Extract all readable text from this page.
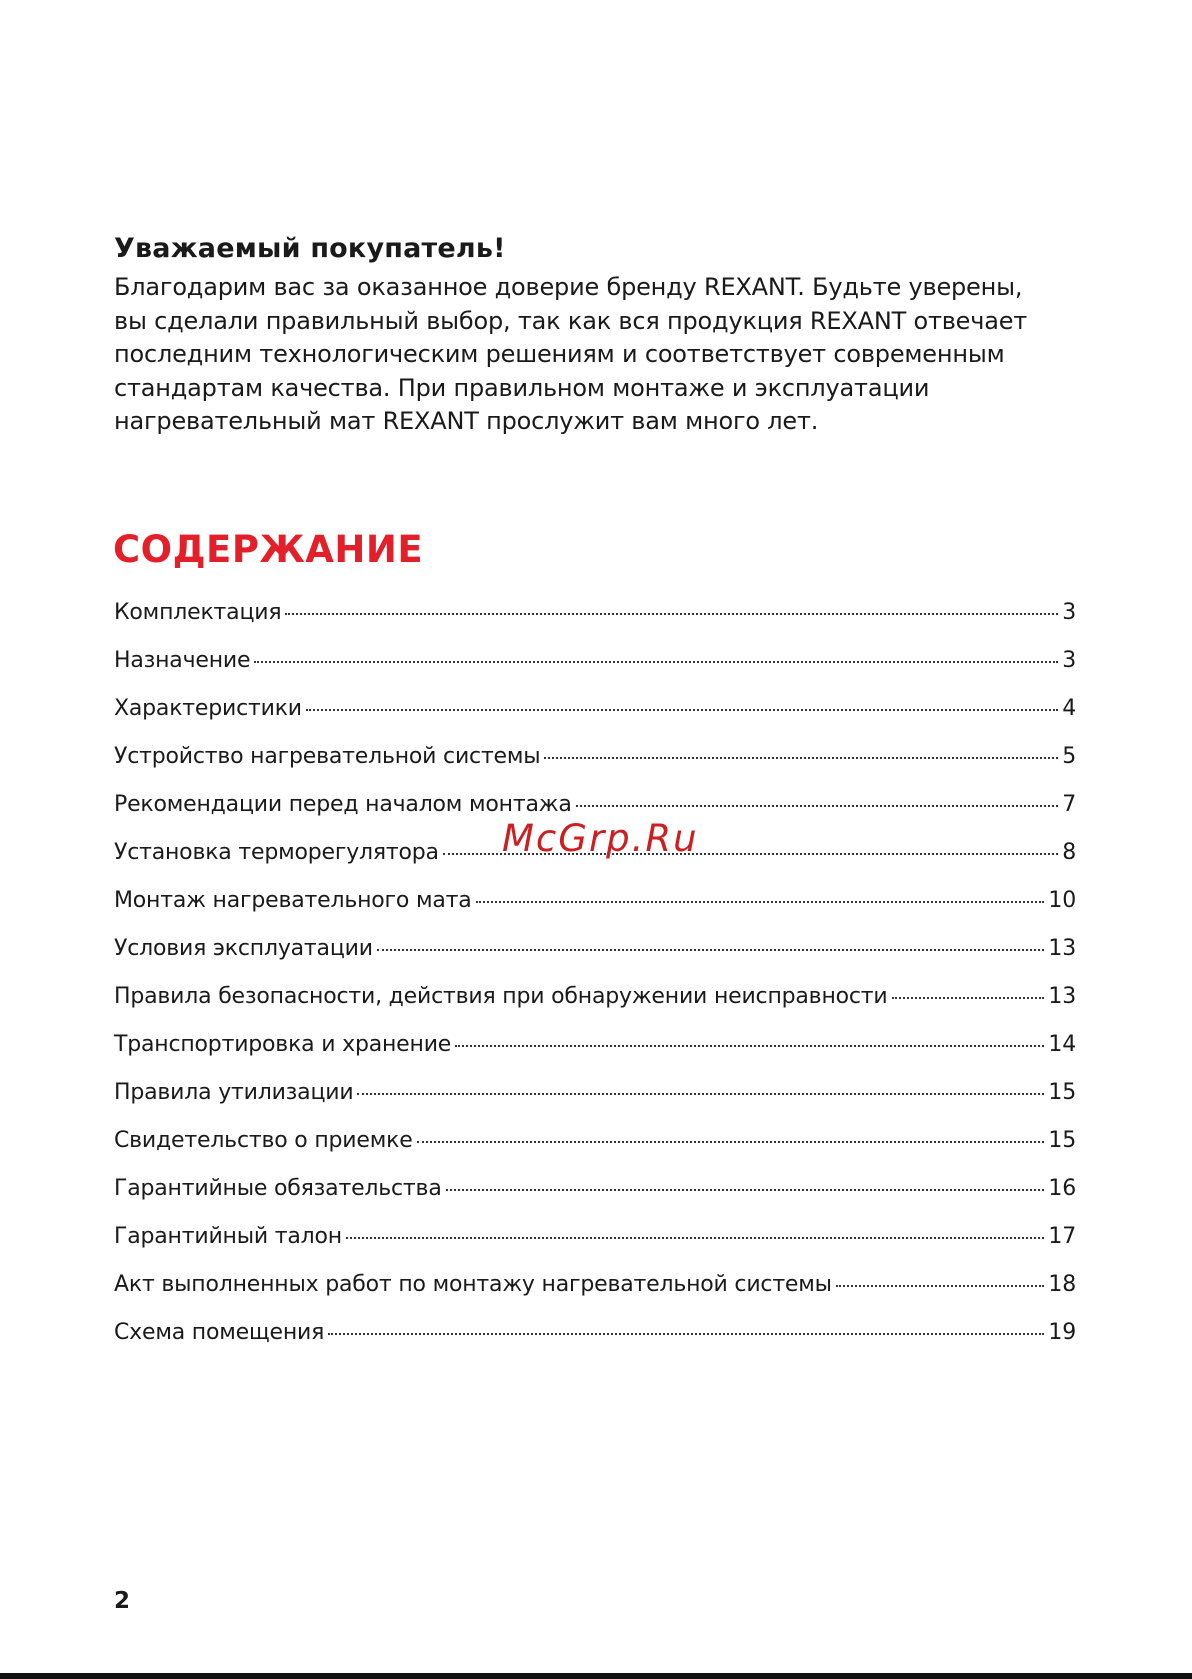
Уважаемый покупатель!

Благодарим вас за оказанное доверие бренду REXANT. Будьте уверены,
вы сделали правильный выбор, так как вся продукция REXANT отвечает
последним технологическим решениям и соответствует современным
стандартам качества. При правильном монтаже и эксплуатации
нагревательный мат REXANT прослужит вам много лет.

СОДЕРЖАНИЕ
Комплектация	3
Назначение	3
Характеристики	4
Устройство нагревательной системы	5
Рекомендации перед началом монтажа	7
Установка терморегулятора	8
Монтаж нагревательного мата	10
Условия эксплуатации	13
Правила безопасности, действия при обнаружении неисправности	13
Транспортировка и хранение	14
Правила утилизации	15
Свидетельство о приемке	15
Гарантийные обязательства	16
Гарантийный талон	17
Акт выполненных работ по монтажу нагревательной системы	18
Схема помещения	19
McGrp.Ru
2
